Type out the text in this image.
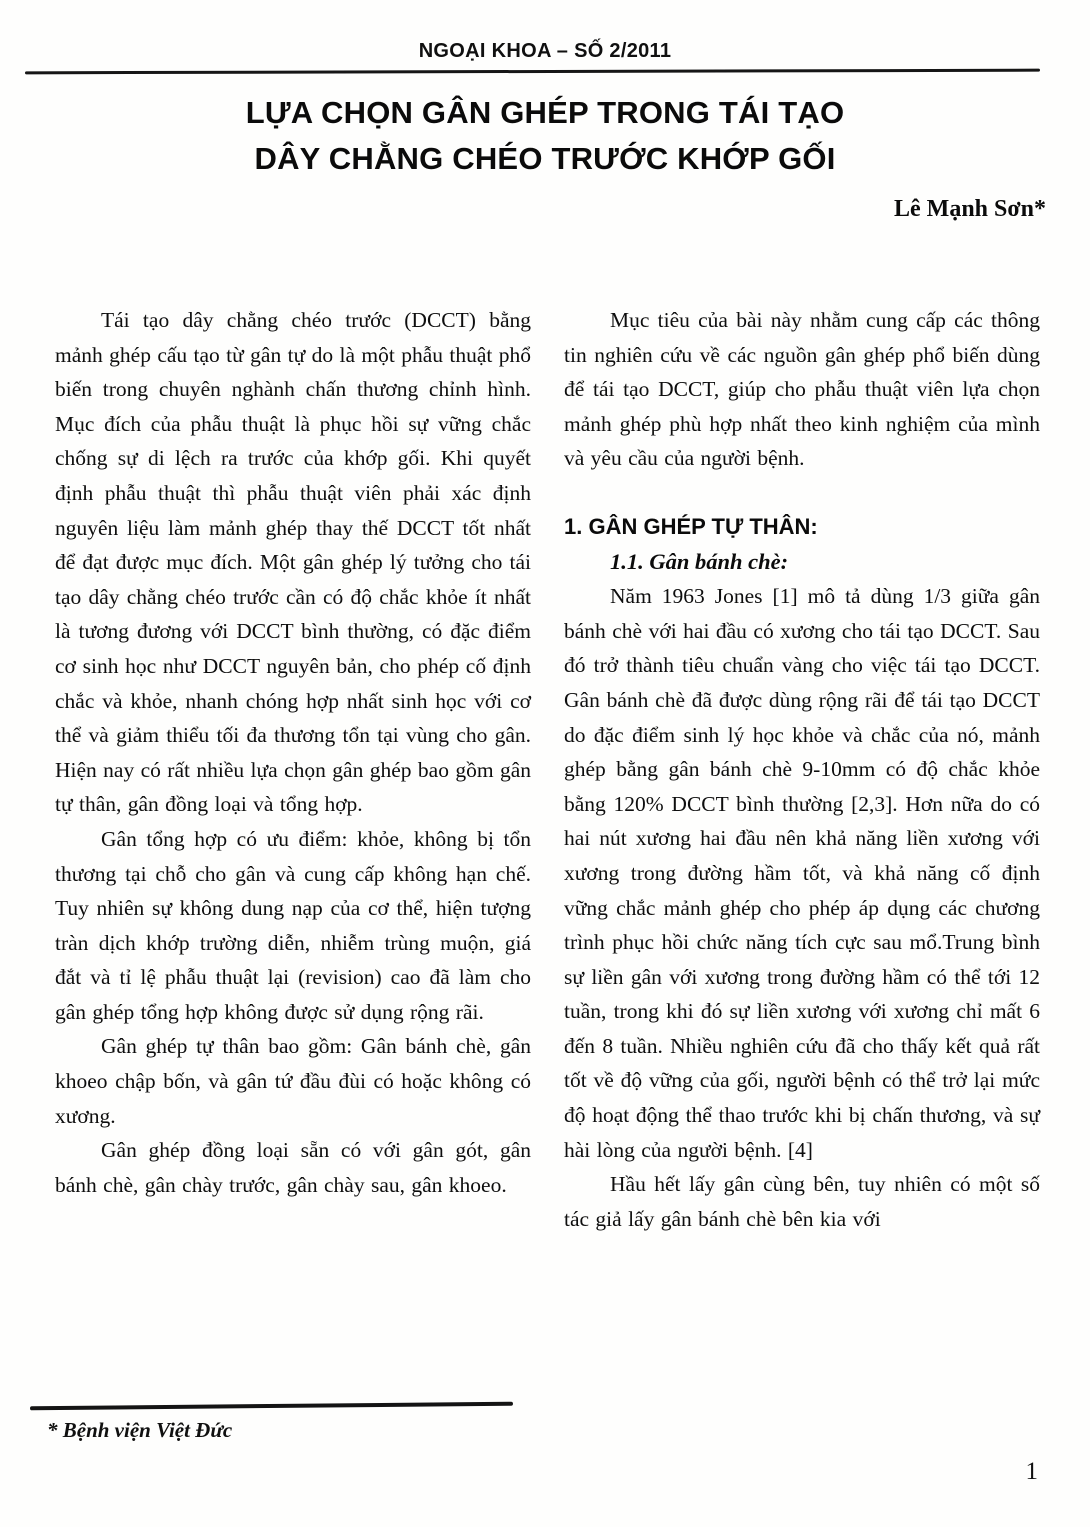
NGOẠI KHOA – SỐ 2/2011
LỰA CHỌN GÂN GHÉP TRONG TÁI TẠO
DÂY CHẰNG CHÉO TRƯỚC KHỚP GỐI
Lê Mạnh Sơn*

Tái tạo dây chằng chéo trước (DCCT) bằng mảnh ghép cấu tạo từ gân tự do là một phẫu thuật phổ biến trong chuyên nghành chấn thương chỉnh hình. Mục đích của phẫu thuật là phục hồi sự vững chắc chống sự di lệch ra trước của khớp gối. Khi quyết định phẫu thuật thì phẫu thuật viên phải xác định nguyên liệu làm mảnh ghép thay thế DCCT tốt nhất để đạt được mục đích. Một gân ghép lý tưởng cho tái tạo dây chằng chéo trước cần có độ chắc khỏe ít nhất là tương đương với DCCT bình thường, có đặc điểm cơ sinh học như DCCT nguyên bản, cho phép cố định chắc và khỏe, nhanh chóng hợp nhất sinh học với cơ thể và giảm thiểu tối đa thương tổn tại vùng cho gân. Hiện nay có rất nhiều lựa chọn gân ghép bao gồm gân tự thân, gân đồng loại và tổng hợp.

Gân tổng hợp có ưu điểm: khỏe, không bị tổn thương tại chỗ cho gân và cung cấp không hạn chế. Tuy nhiên sự không dung nạp của cơ thể, hiện tượng tràn dịch khớp trường diễn, nhiễm trùng muộn, giá đắt và tỉ lệ phẫu thuật lại (revision) cao đã làm cho gân ghép tổng hợp không được sử dụng rộng rãi.

Gân ghép tự thân bao gồm: Gân bánh chè, gân khoeo chập bốn, và gân tứ đầu đùi có hoặc không có xương.

Gân ghép đồng loại sẵn có với gân gót, gân bánh chè, gân chày trước, gân chày sau, gân khoeo.

Mục tiêu của bài này nhằm cung cấp các thông tin nghiên cứu về các nguồn gân ghép phổ biến dùng để tái tạo DCCT, giúp cho phẫu thuật viên lựa chọn mảnh ghép phù hợp nhất theo kinh nghiệm của mình và yêu cầu của người bệnh.

1. GÂN GHÉP TỰ THÂN:
1.1. Gân bánh chè:

Năm 1963 Jones [1] mô tả dùng 1/3 giữa gân bánh chè với hai đầu có xương cho tái tạo DCCT. Sau đó trở thành tiêu chuẩn vàng cho việc tái tạo DCCT. Gân bánh chè đã được dùng rộng rãi để tái tạo DCCT do đặc điểm sinh lý học khỏe và chắc của nó, mảnh ghép bằng gân bánh chè 9-10mm có độ chắc khỏe bằng 120% DCCT bình thường [2,3]. Hơn nữa do có hai nút xương hai đầu nên khả năng liền xương với xương trong đường hầm tốt, và khả năng cố định vững chắc mảnh ghép cho phép áp dụng các chương trình phục hồi chức năng tích cực sau mổ.Trung bình sự liền gân với xương trong đường hầm có thể tới 12 tuần, trong khi đó sự liền xương với xương chỉ mất 6 đến 8 tuần. Nhiều nghiên cứu đã cho thấy kết quả rất tốt về độ vững của gối, người bệnh có thể trở lại mức độ hoạt động thể thao trước khi bị chấn thương, và sự hài lòng của người bệnh. [4]

Hầu hết lấy gân cùng bên, tuy nhiên có một số tác giả lấy gân bánh chè bên kia với

* Bệnh viện Việt Đức
1
